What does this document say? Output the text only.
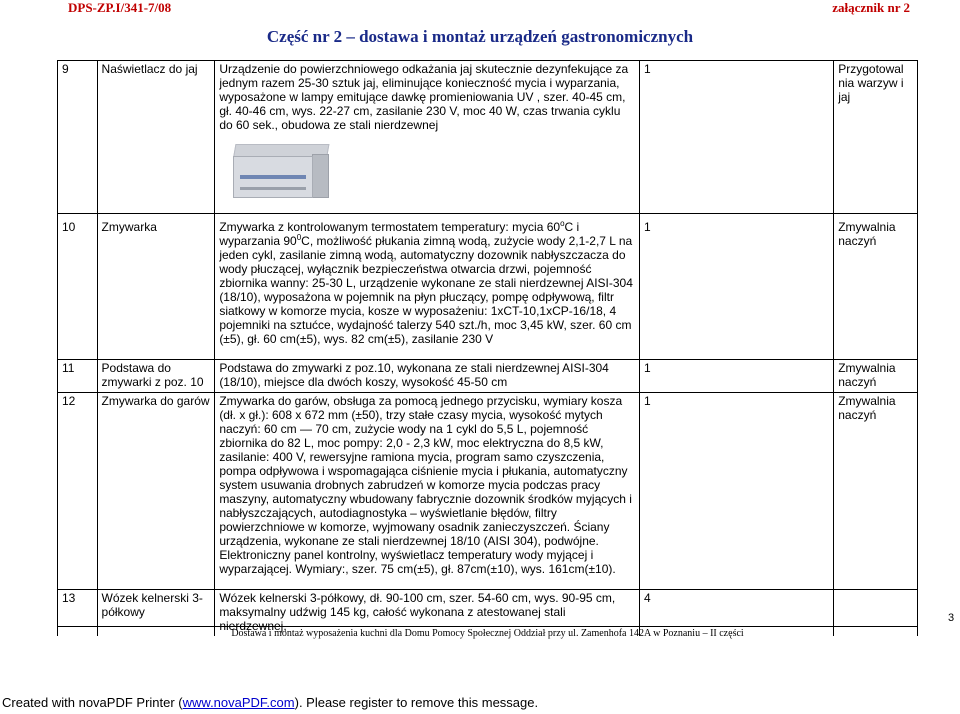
DPS-ZP.I/341-7/08	załącznik nr 2
Część nr 2 – dostawa i montaż urządzeń gastronomicznych
9	Naświetlacz do jaj	Urządzenie do powierzchniowego odkażania jaj skutecznie dezynfekujące za jednym razem 25-30 sztuk jaj, eliminujące konieczność mycia i wyparzania, wyposażone w lampy emitujące dawkę promieniowania UV , szer. 40-45 cm, gł. 40-46 cm, wys. 22-27 cm, zasilanie 230 V, moc 40 W, czas trwania cyklu do 60 sek., obudowa ze stali nierdzewnej	1	Przygotowal nia warzyw i jaj

10	Zmywarka	Zmywarka z kontrolowanym termostatem temperatury: mycia 60$^o$C i wyparzania $90^0C$, możliwość płukania zimną wodą, zużycie wody 2,1-2,7 L na jeden cykl, zasilanie zimną wodą, automatyczny dozownik nabłyszczacza do wody płuczącej, wyłącznik bezpieczeństwa otwarcia drzwi, pojemność zbiornika wanny: 25-30 L, urządzenie wykonane ze stali nierdzewnej AISI-304 (18/10), wyposażona w pojemnik na płyn płuczący, pompę odpływową, filtr siatkowy w komorze mycia, kosze w wyposażeniu: 1xCT-10,1xCP-16/18, 4 pojemniki na sztućce, wydajność talerzy 540 szt./h, moc 3,45 kW, szer. 60 cm (±5), gł. 60 cm(±5), wys. 82 cm(±5), zasilanie 230 V	1	Zmywalnia naczyń

11	Podstawa do zmywarki z poz. 10	Podstawa do zmywarki z poz.10, wykonana ze stali nierdzewnej AISI-304 (18/10), miejsce dla dwóch koszy, wysokość 45-50 cm	1	Zmywalnia naczyń
12	Zmywarka do garów	Zmywarka do garów, obsługa za pomocą jednego przycisku, wymiary kosza (dł. x gł.): 608 x 672 mm (±50), trzy stałe czasy mycia, wysokość mytych naczyń: 60 cm — 70 cm, zużycie wody na 1 cykl do 5,5 L, pojemność zbiornika do 82 L, moc pompy: 2,0 - 2,3 kW, moc elektryczna do 8,5 kW, zasilanie: 400 V, rewersyjne ramiona mycia, program samo czyszczenia, pompa odpływowa i wspomagająca ciśnienie mycia i płukania, automatyczny system usuwania drobnych zabrudzeń w komorze mycia podczas pracy maszyny, automatyczny wbudowany fabrycznie dozownik środków myjących i nabłyszczających, autodiagnostyka – wyświetlanie błędów, filtry powierzchniowe w komorze, wyjmowany osadnik zanieczyszczeń. Ściany urządzenia, wykonane ze stali nierdzewnej 18/10 (AISI 304), podwójne. Elektroniczny panel kontrolny, wyświetlacz temperatury wody myjącej i wyparzającej. Wymiary:, szer. 75 cm(±5), gł. 87cm(±10), wys. 161cm(±10).	1	Zmywalnia naczyń

13	Wózek kelnerski 3-półkowy	Wózek kelnerski 3-półkowy, dł. 90-100 cm, szer. 54-60 cm, wys. 90-95 cm, maksymalny udźwig 145 kg, całość wykonana z atestowanej stali nierdzewnej,	4	
3
Dostawa i montaż wyposażenia kuchni dla Domu Pomocy Społecznej Oddział przy ul. Zamenhofa 142A w Poznaniu – II części
Created with novaPDF Printer (www.novaPDF.com). Please register to remove this message.
